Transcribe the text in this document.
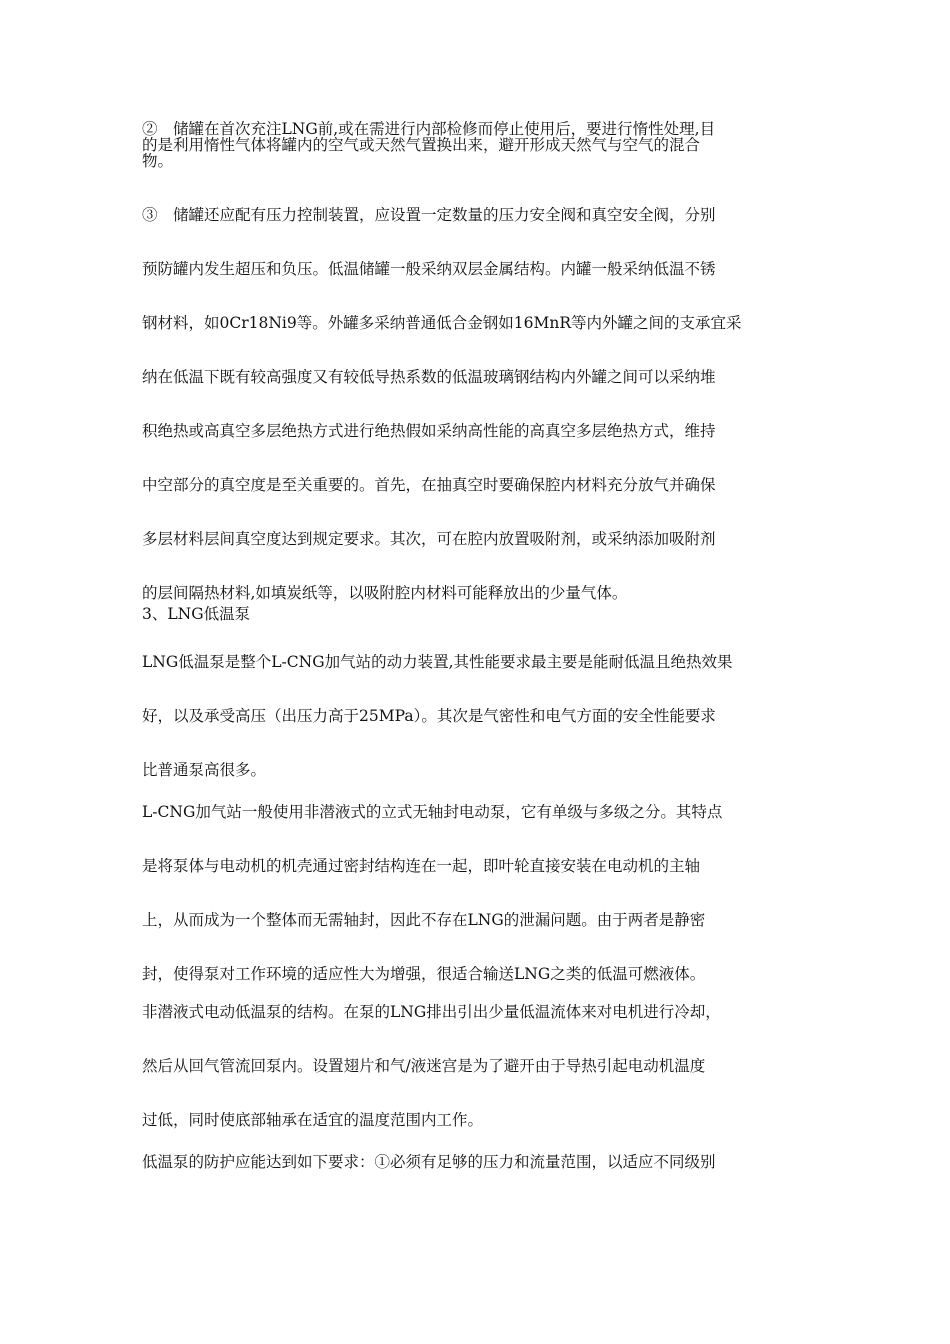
②　储罐在首次充注LNG前,或在需进行内部检修而停止使用后，要进行惰性处理,目
的是利用惰性气体将罐内的空气或天然气置换出来，避开形成天然气与空气的混合
物。
③　储罐还应配有压力控制装置，应设置一定数量的压力安全阀和真空安全阀，分别
预防罐内发生超压和负压。低温储罐一般采纳双层金属结构。内罐一般采纳低温不锈
钢材料，如0Cr18Ni9等。外罐多采纳普通低合金钢如16MnR等内外罐之间的支承宜采
纳在低温下既有较高强度又有较低导热系数的低温玻璃钢结构内外罐之间可以采纳堆
积绝热或高真空多层绝热方式进行绝热假如采纳高性能的高真空多层绝热方式，维持
中空部分的真空度是至关重要的。首先，在抽真空时要确保腔内材料充分放气并确保
多层材料层间真空度达到规定要求。其次，可在腔内放置吸附剂，或采纳添加吸附剂
的层间隔热材料,如填炭纸等，以吸附腔内材料可能释放出的少量气体。
3、LNG低温泵
LNG低温泵是整个L-CNG加气站的动力装置,其性能要求最主要是能耐低温且绝热效果
好，以及承受高压（出压力高于25MPa）。其次是气密性和电气方面的安全性能要求
比普通泵高很多。
L-CNG加气站一般使用非潜液式的立式无轴封电动泵，它有单级与多级之分。其特点
是将泵体与电动机的机壳通过密封结构连在一起，即叶轮直接安装在电动机的主轴
上，从而成为一个整体而无需轴封，因此不存在LNG的泄漏问题。由于两者是静密
封，使得泵对工作环境的适应性大为增强，很适合输送LNG之类的低温可燃液体。
非潜液式电动低温泵的结构。在泵的LNG排出引出少量低温流体来对电机进行冷却，
然后从回气管流回泵内。设置翅片和气/液迷宫是为了避开由于导热引起电动机温度
过低，同时使底部轴承在适宜的温度范围内工作。
低温泵的防护应能达到如下要求：①必须有足够的压力和流量范围，以适应不同级别
